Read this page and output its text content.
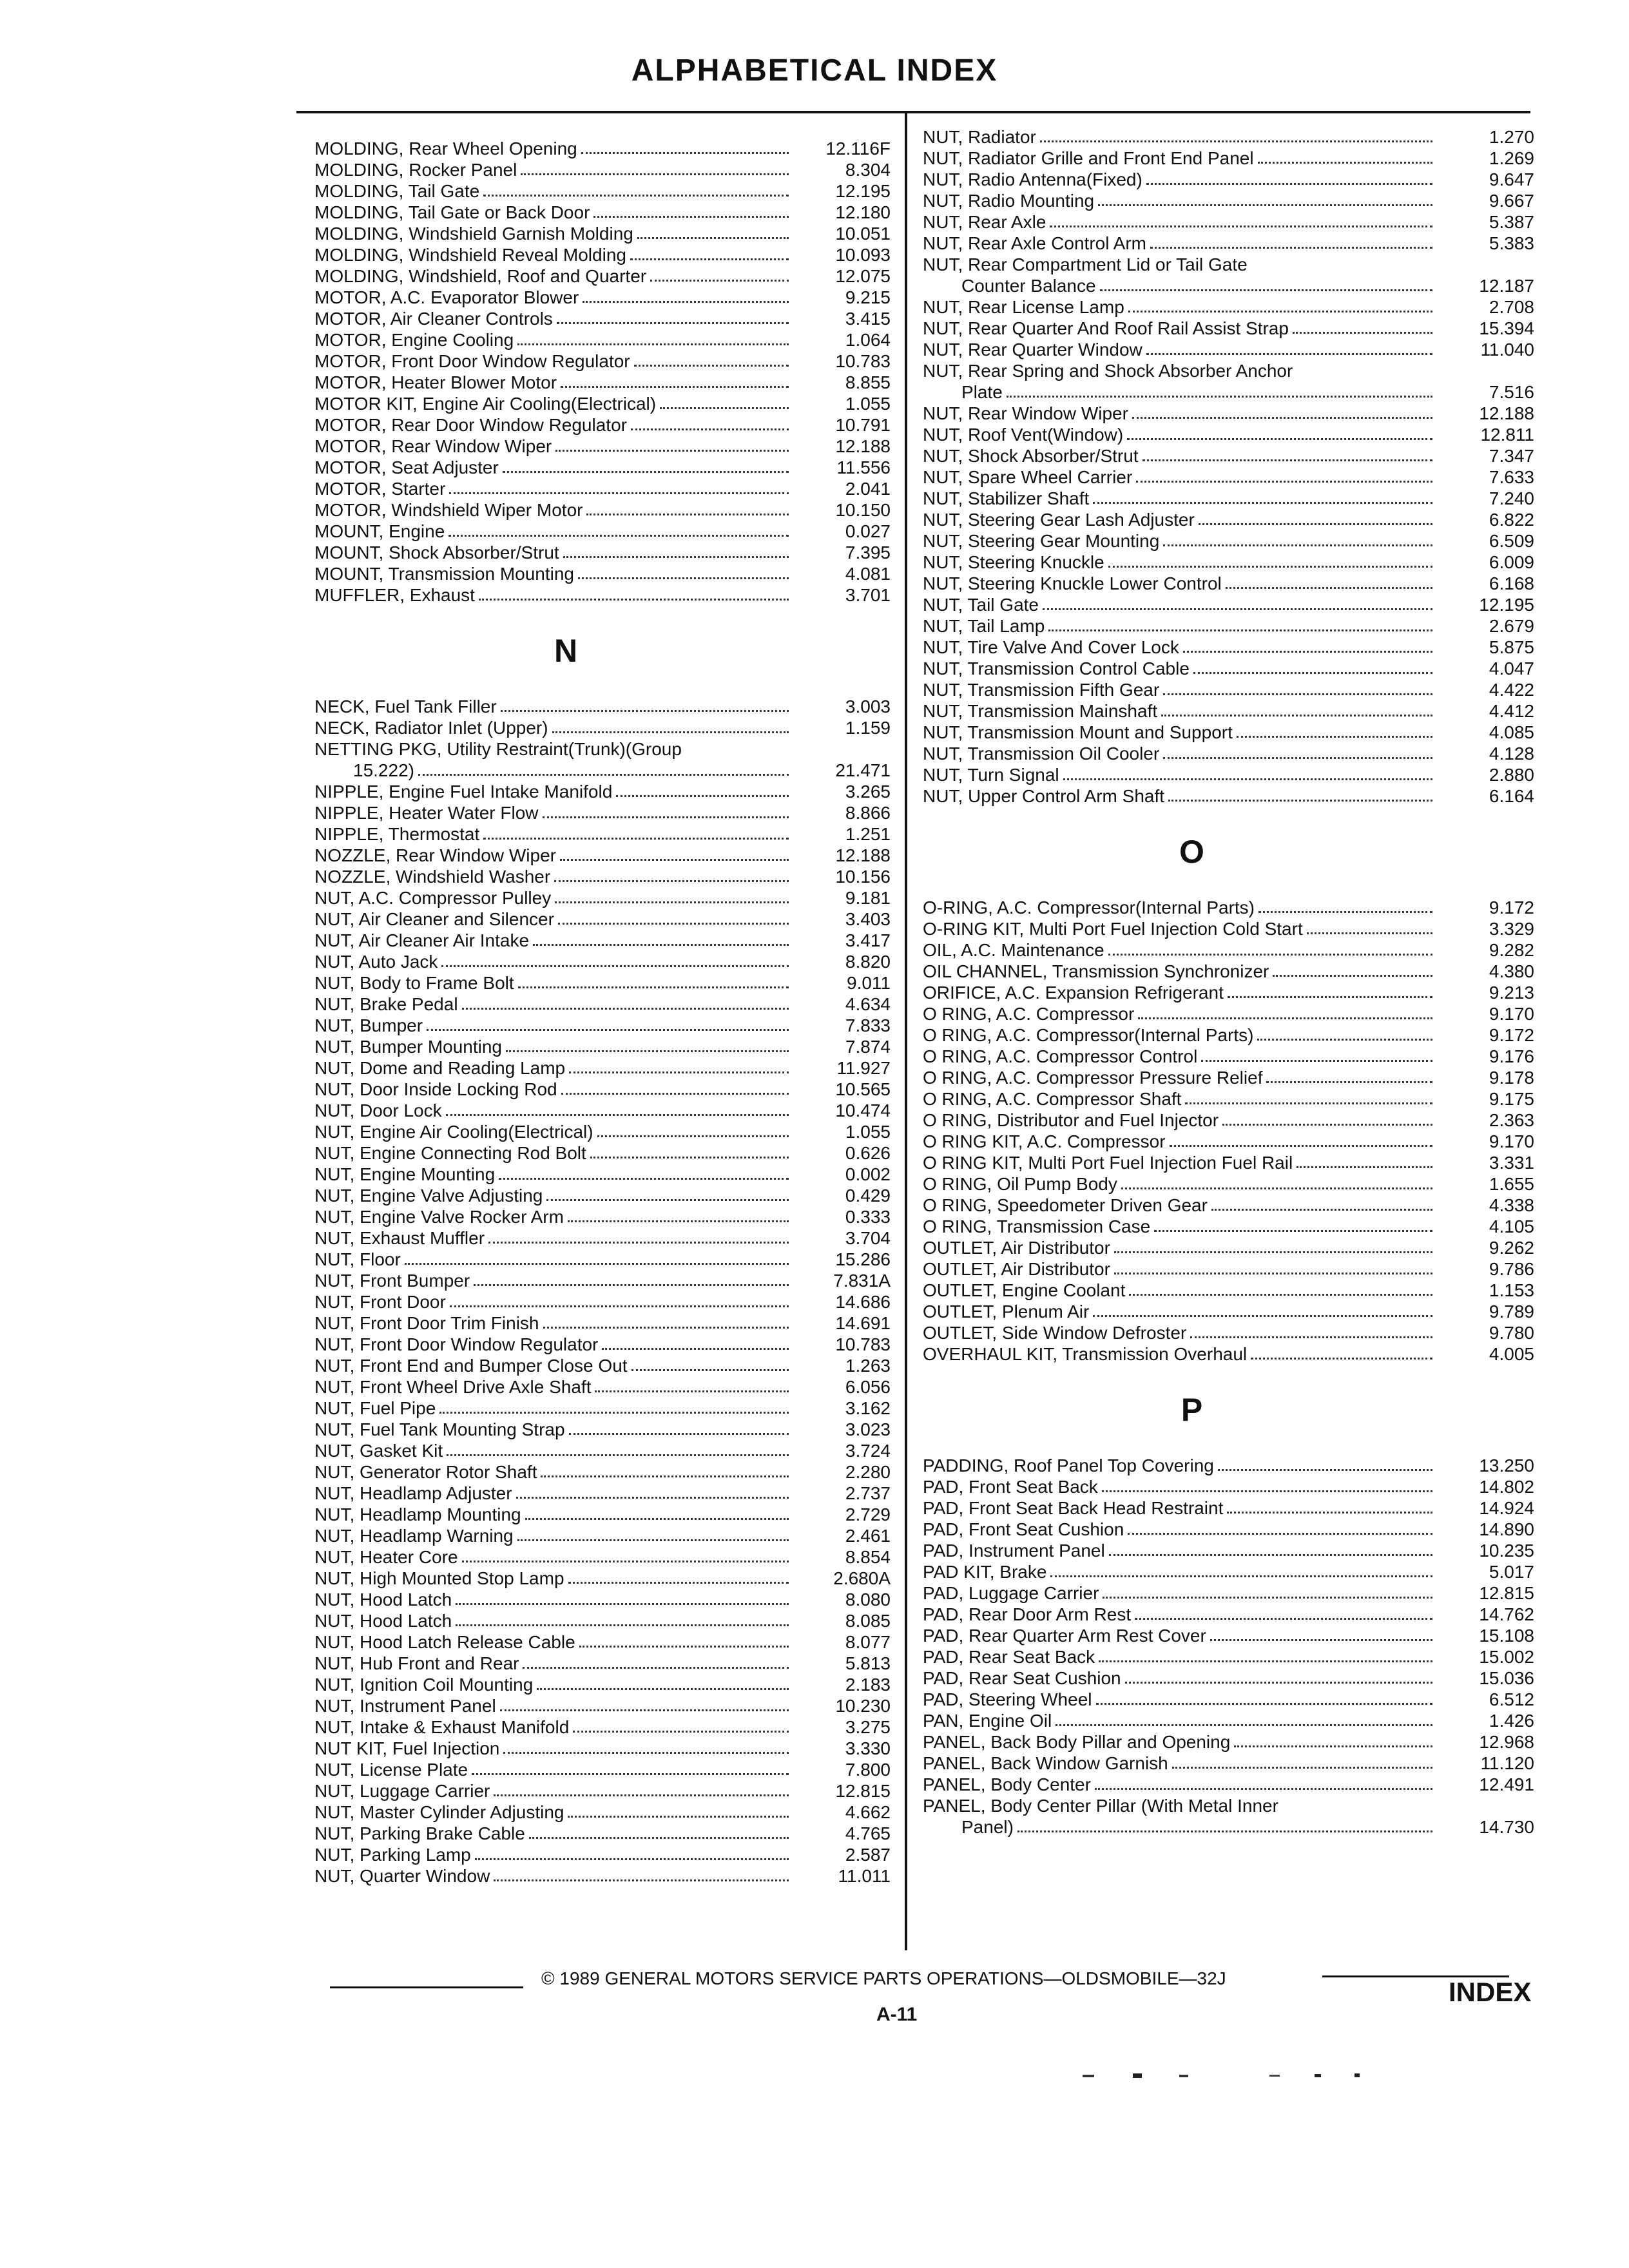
ALPHABETICAL INDEX
MOLDING, Rear Wheel Opening	12.116F
MOLDING, Rocker Panel	8.304
MOLDING, Tail Gate	12.195
MOLDING, Tail Gate or Back Door	12.180
MOLDING, Windshield Garnish Molding	10.051
MOLDING, Windshield Reveal Molding	10.093
MOLDING, Windshield, Roof and Quarter	12.075
MOTOR, A.C. Evaporator Blower	9.215
MOTOR, Air Cleaner Controls	3.415
MOTOR, Engine Cooling	1.064
MOTOR, Front Door Window Regulator	10.783
MOTOR, Heater Blower Motor	8.855
MOTOR KIT, Engine Air Cooling(Electrical)	1.055
MOTOR, Rear Door Window Regulator	10.791
MOTOR, Rear Window Wiper	12.188
MOTOR, Seat Adjuster	11.556
MOTOR, Starter	2.041
MOTOR, Windshield Wiper Motor	10.150
MOUNT, Engine	0.027
MOUNT, Shock Absorber/Strut	7.395
MOUNT, Transmission Mounting	4.081
MUFFLER, Exhaust	3.701
N
NECK, Fuel Tank Filler	3.003
NECK, Radiator Inlet (Upper)	1.159
NETTING PKG, Utility Restraint(Trunk)(Group
15.222)	21.471
NIPPLE, Engine Fuel Intake Manifold	3.265
NIPPLE, Heater Water Flow	8.866
NIPPLE, Thermostat	1.251
NOZZLE, Rear Window Wiper	12.188
NOZZLE, Windshield Washer	10.156
NUT, A.C. Compressor Pulley	9.181
NUT, Air Cleaner and Silencer	3.403
NUT, Air Cleaner Air Intake	3.417
NUT, Auto Jack	8.820
NUT, Body to Frame Bolt	9.011
NUT, Brake Pedal	4.634
NUT, Bumper	7.833
NUT, Bumper Mounting	7.874
NUT, Dome and Reading Lamp	11.927
NUT, Door Inside Locking Rod	10.565
NUT, Door Lock	10.474
NUT, Engine Air Cooling(Electrical)	1.055
NUT, Engine Connecting Rod Bolt	0.626
NUT, Engine Mounting	0.002
NUT, Engine Valve Adjusting	0.429
NUT, Engine Valve Rocker Arm	0.333
NUT, Exhaust Muffler	3.704
NUT, Floor	15.286
NUT, Front Bumper	7.831A
NUT, Front Door	14.686
NUT, Front Door Trim Finish	14.691
NUT, Front Door Window Regulator	10.783
NUT, Front End and Bumper Close Out	1.263
NUT, Front Wheel Drive Axle Shaft	6.056
NUT, Fuel Pipe	3.162
NUT, Fuel Tank Mounting Strap	3.023
NUT, Gasket Kit	3.724
NUT, Generator Rotor Shaft	2.280
NUT, Headlamp Adjuster	2.737
NUT, Headlamp Mounting	2.729
NUT, Headlamp Warning	2.461
NUT, Heater Core	8.854
NUT, High Mounted Stop Lamp	2.680A
NUT, Hood Latch	8.080
NUT, Hood Latch	8.085
NUT, Hood Latch Release Cable	8.077
NUT, Hub Front and Rear	5.813
NUT, Ignition Coil Mounting	2.183
NUT, Instrument Panel	10.230
NUT, Intake & Exhaust Manifold	3.275
NUT KIT, Fuel Injection	3.330
NUT, License Plate	7.800
NUT, Luggage Carrier	12.815
NUT, Master Cylinder Adjusting	4.662
NUT, Parking Brake Cable	4.765
NUT, Parking Lamp	2.587
NUT, Quarter Window	11.011
NUT, Radiator	1.270
NUT, Radiator Grille and Front End Panel	1.269
NUT, Radio Antenna(Fixed)	9.647
NUT, Radio Mounting	9.667
NUT, Rear Axle	5.387
NUT, Rear Axle Control Arm	5.383
NUT, Rear Compartment Lid or Tail Gate
Counter Balance	12.187
NUT, Rear License Lamp	2.708
NUT, Rear Quarter And Roof Rail Assist Strap	15.394
NUT, Rear Quarter Window	11.040
NUT, Rear Spring and Shock Absorber Anchor
Plate	7.516
NUT, Rear Window Wiper	12.188
NUT, Roof Vent(Window)	12.811
NUT, Shock Absorber/Strut	7.347
NUT, Spare Wheel Carrier	7.633
NUT, Stabilizer Shaft	7.240
NUT, Steering Gear Lash Adjuster	6.822
NUT, Steering Gear Mounting	6.509
NUT, Steering Knuckle	6.009
NUT, Steering Knuckle Lower Control	6.168
NUT, Tail Gate	12.195
NUT, Tail Lamp	2.679
NUT, Tire Valve And Cover Lock	5.875
NUT, Transmission Control Cable	4.047
NUT, Transmission Fifth Gear	4.422
NUT, Transmission Mainshaft	4.412
NUT, Transmission Mount and Support	4.085
NUT, Transmission Oil Cooler	4.128
NUT, Turn Signal	2.880
NUT, Upper Control Arm Shaft	6.164
O
O-RING, A.C. Compressor(Internal Parts)	9.172
O-RING KIT, Multi Port Fuel Injection Cold Start	3.329
OIL, A.C. Maintenance	9.282
OIL CHANNEL, Transmission Synchronizer	4.380
ORIFICE, A.C. Expansion Refrigerant	9.213
O RING, A.C. Compressor	9.170
O RING, A.C. Compressor(Internal Parts)	9.172
O RING, A.C. Compressor Control	9.176
O RING, A.C. Compressor Pressure Relief	9.178
O RING, A.C. Compressor Shaft	9.175
O RING, Distributor and Fuel Injector	2.363
O RING KIT, A.C. Compressor	9.170
O RING KIT, Multi Port Fuel Injection Fuel Rail	3.331
O RING, Oil Pump Body	1.655
O RING, Speedometer Driven Gear	4.338
O RING, Transmission Case	4.105
OUTLET, Air Distributor	9.262
OUTLET, Air Distributor	9.786
OUTLET, Engine Coolant	1.153
OUTLET, Plenum Air	9.789
OUTLET, Side Window Defroster	9.780
OVERHAUL KIT, Transmission Overhaul	4.005
P
PADDING, Roof Panel Top Covering	13.250
PAD, Front Seat Back	14.802
PAD, Front Seat Back Head Restraint	14.924
PAD, Front Seat Cushion	14.890
PAD, Instrument Panel	10.235
PAD KIT, Brake	5.017
PAD, Luggage Carrier	12.815
PAD, Rear Door Arm Rest	14.762
PAD, Rear Quarter Arm Rest Cover	15.108
PAD, Rear Seat Back	15.002
PAD, Rear Seat Cushion	15.036
PAD, Steering Wheel	6.512
PAN, Engine Oil	1.426
PANEL, Back Body Pillar and Opening	12.968
PANEL, Back Window Garnish	11.120
PANEL, Body Center	12.491
PANEL, Body Center Pillar (With Metal Inner
Panel)	14.730
© 1989 GENERAL MOTORS SERVICE PARTS OPERATIONS—OLDSMOBILE—32J
A-11
INDEX
